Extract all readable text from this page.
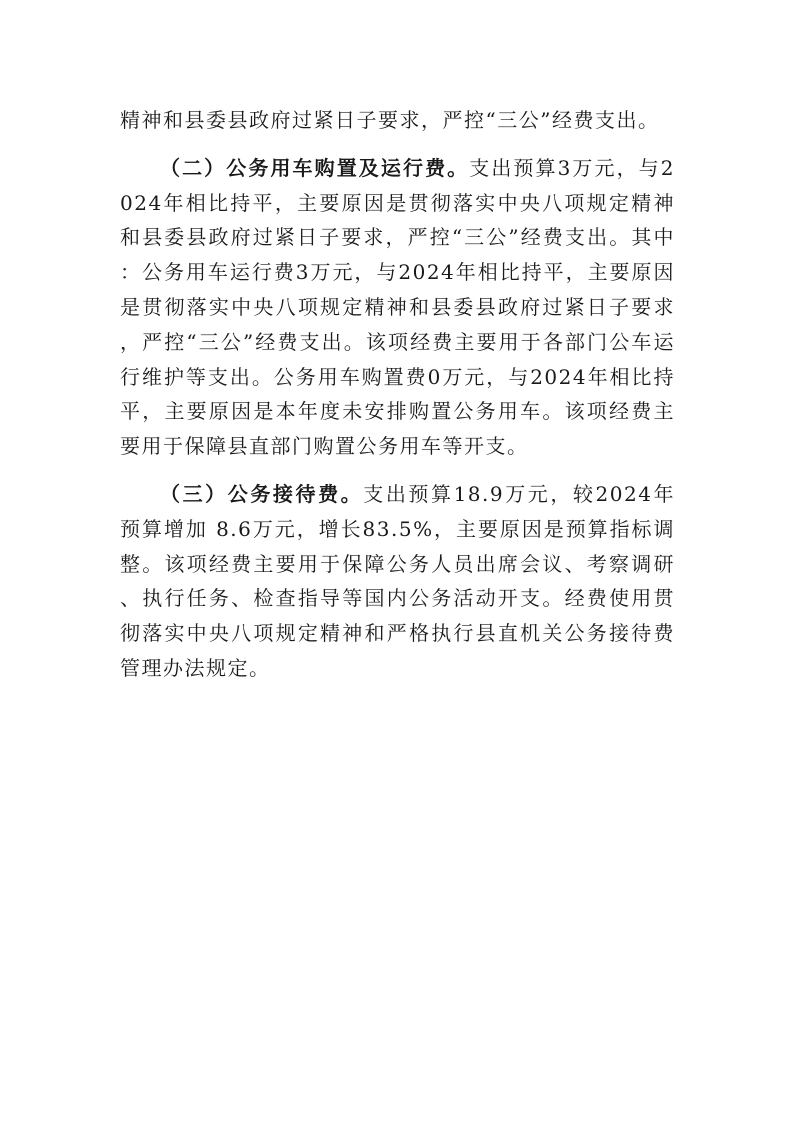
精神和县委县政府过紧日子要求，严控“三公”经费支出。

（二）公务用车购置及运行费。支出预算3万元，与2024年相比持平，主要原因是贯彻落实中央八项规定精神和县委县政府过紧日子要求，严控“三公”经费支出。其中：公务用车运行费3万元，与2024年相比持平，主要原因是贯彻落实中央八项规定精神和县委县政府过紧日子要求，严控“三公”经费支出。该项经费主要用于各部门公车运行维护等支出。公务用车购置费0万元，与2024年相比持平，主要原因是本年度未安排购置公务用车。该项经费主要用于保障县直部门购置公务用车等开支。

（三）公务接待费。支出预算18.9万元，较2024年预算增加 8.6万元，增长83.5%，主要原因是预算指标调整。该项经费主要用于保障公务人员出席会议、考察调研、执行任务、检查指导等国内公务活动开支。经费使用贯彻落实中央八项规定精神和严格执行县直机关公务接待费管理办法规定。
